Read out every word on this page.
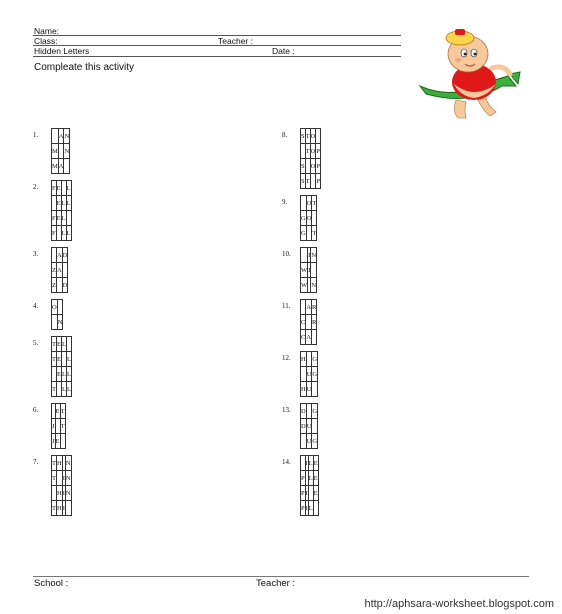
Name:
Class:	Teacher :
Hidden Letters	Date :
Compleate this activity
1.
		A	N
M		N
M	A	
2. F	E		L
	E	L	L
F	E	L	
F		L	L
3.
		A	D
Z	A	
Z		D
4. O	
	N
5. T	E	L	
T	E		L
	E	L	L
T		L	L
6.
		E	T
J		T
J	E	
7. T	H		N
T		I	N
	H	I	N
T	H	I	
8. S	T	O	
	T	O	P
S		O	P
S	T		P
9.
		O	T
G	O	
G		T
10.
		I	N
W	I	
W		N
11.
	A	R
C		R
C	A	
12. H		G
	U	G
H	U	
13. D		G
D	U	
	U	G
14.
	I	L	E
P		L	E
P	I		E
P	I	L	
School :	Teacher :
http://aphsara-worksheet.blogspot.com
